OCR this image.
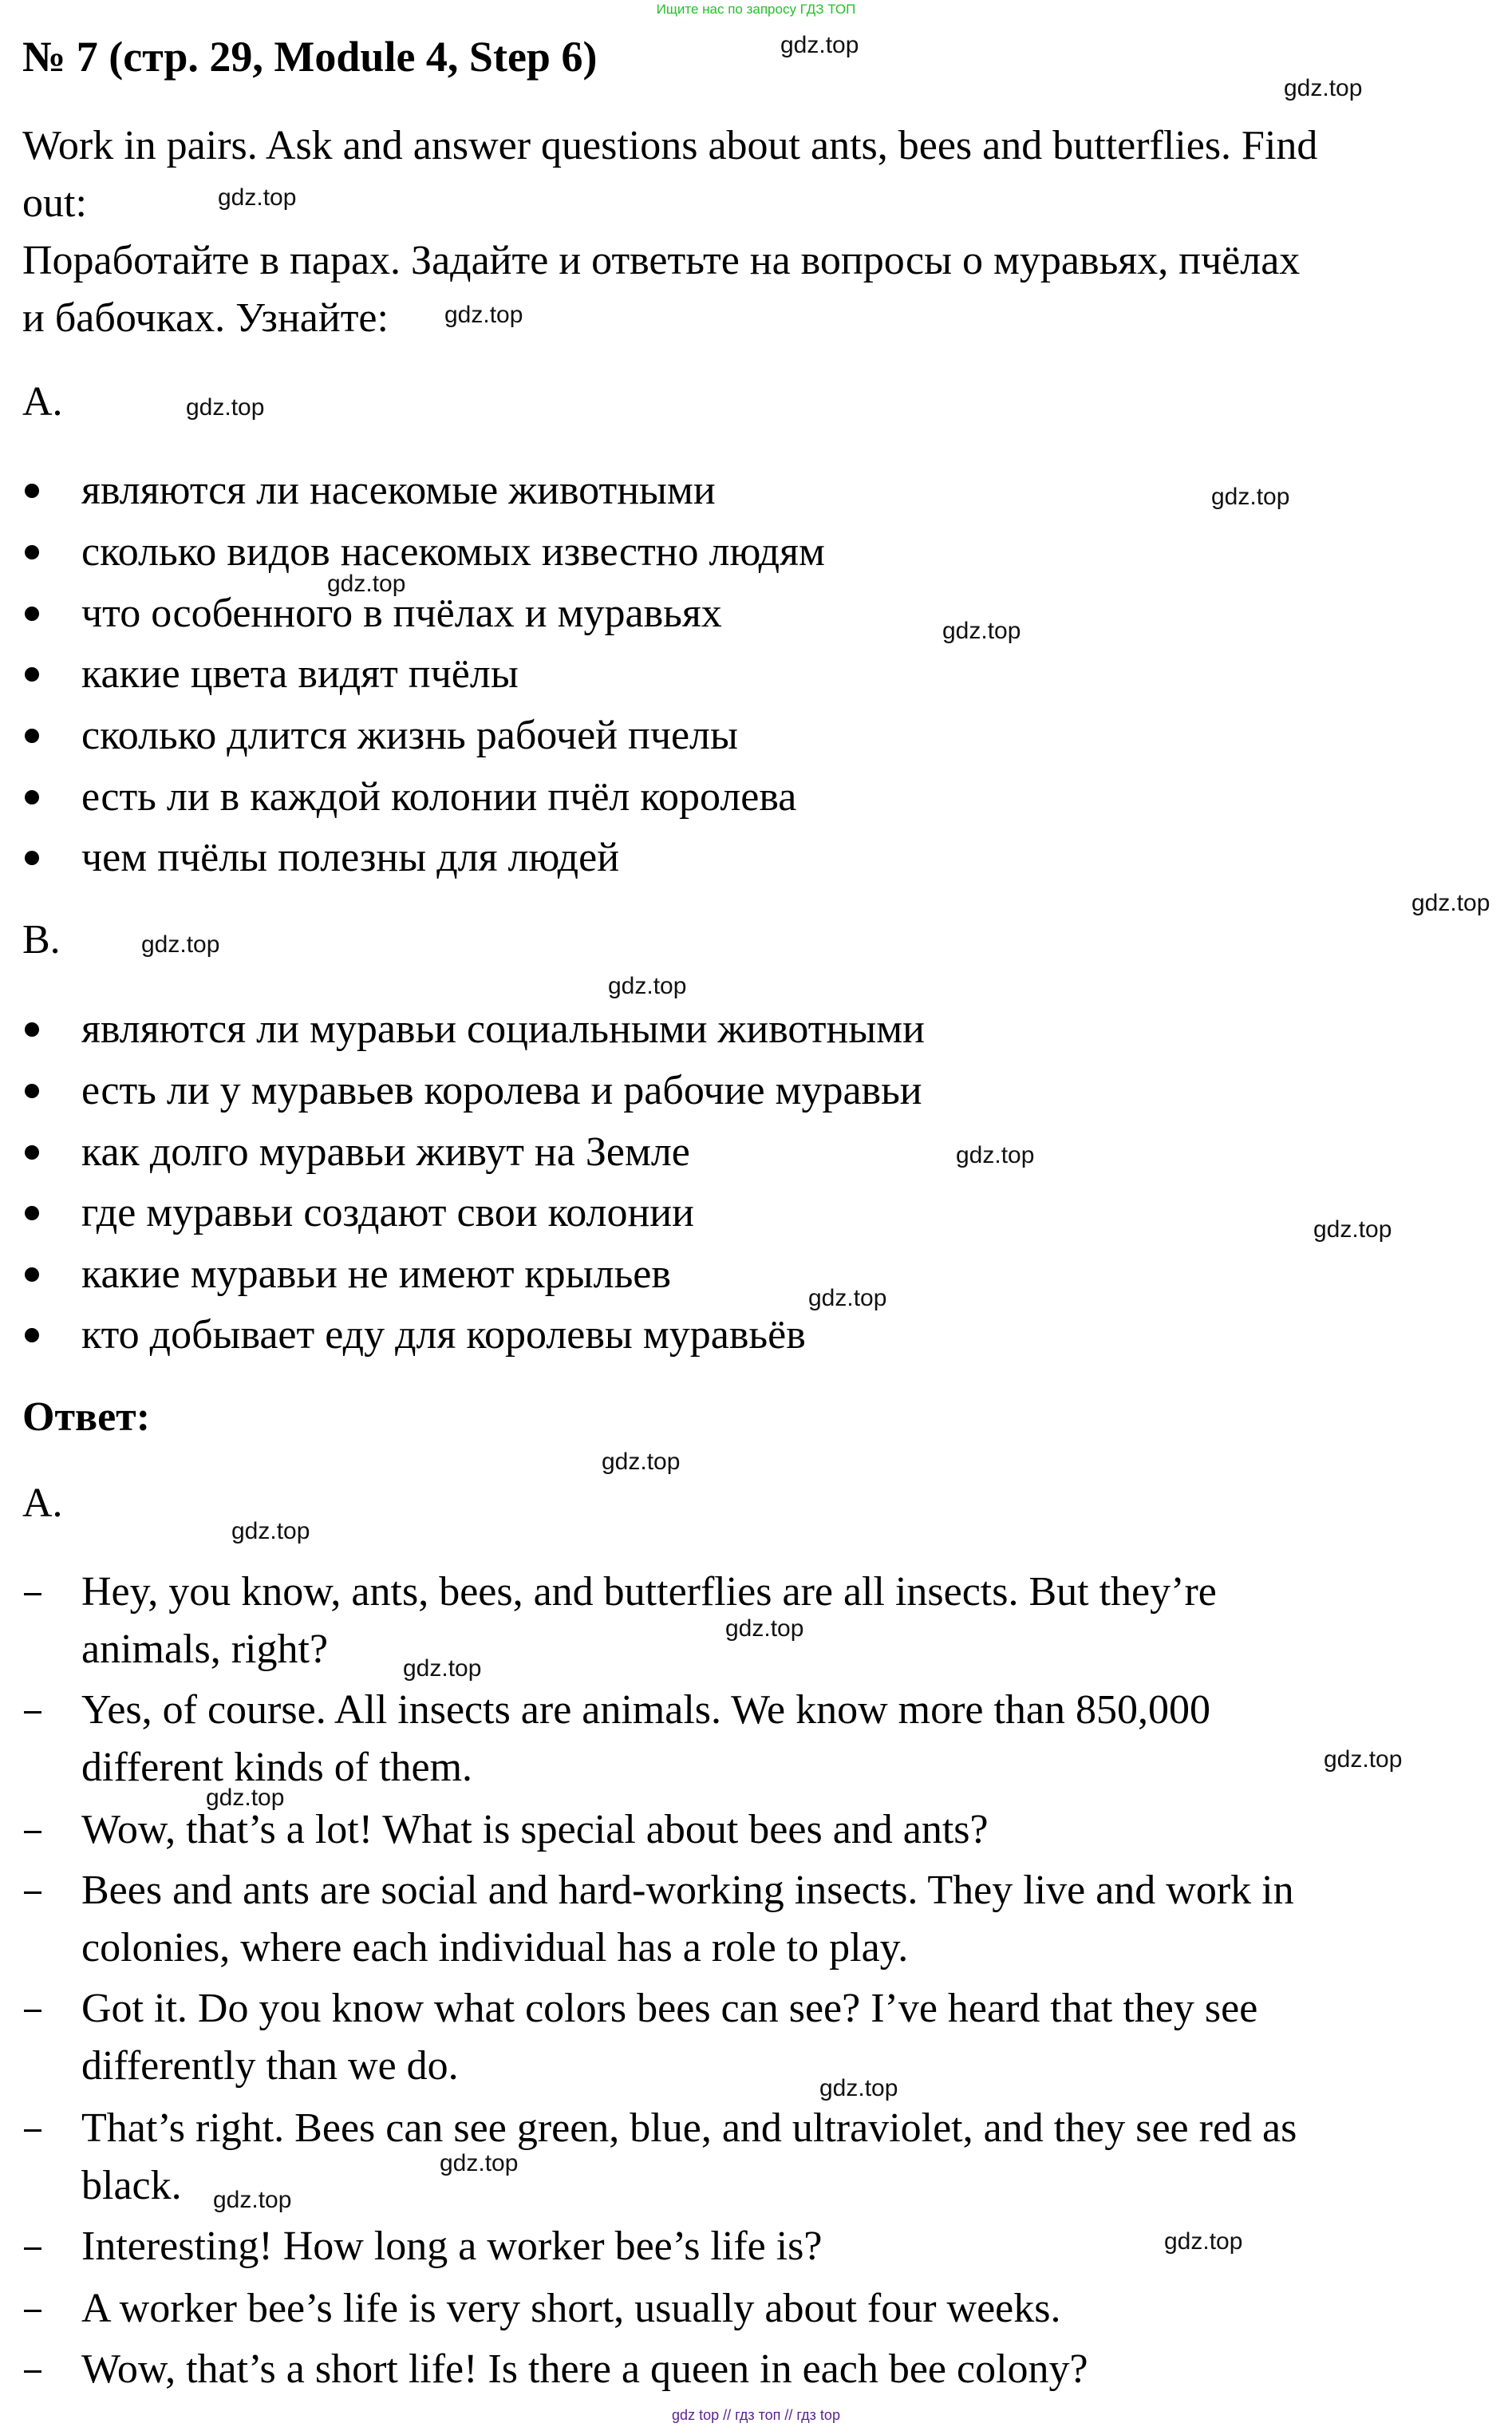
Ищите нас по запросу ГДЗ ТОП
№ 7 (стр. 29, Module 4, Step 6)
Work in pairs. Ask and answer questions about ants, bees and butterflies. Find
out:
Поработайте в парах. Задайте и ответьте на вопросы о муравьях, пчёлах
и бабочках. Узнайте:
A.
являются ли насекомые животными
сколько видов насекомых известно людям
что особенного в пчёлах и муравьях
какие цвета видят пчёлы
сколько длится жизнь рабочей пчелы
есть ли в каждой колонии пчёл королева
чем пчёлы полезны для людей
B.
являются ли муравьи социальными животными
есть ли у муравьев королева и рабочие муравьи
как долго муравьи живут на Земле
где муравьи создают свои колонии
какие муравьи не имеют крыльев
кто добывает еду для королевы муравьёв
Ответ:
A.
Hey, you know, ants, bees, and butterflies are all insects. But they’re
animals, right?
Yes, of course. All insects are animals. We know more than 850,000
different kinds of them.
Wow, that’s a lot! What is special about bees and ants?
Bees and ants are social and hard-working insects. They live and work in
colonies, where each individual has a role to play.
Got it. Do you know what colors bees can see? I’ve heard that they see
differently than we do.
That’s right. Bees can see green, blue, and ultraviolet, and they see red as
black.
Interesting! How long a worker bee’s life is?
A worker bee’s life is very short, usually about four weeks.
Wow, that’s a short life! Is there a queen in each bee colony?
gdz.top
gdz.top
gdz.top
gdz.top
gdz.top
gdz.top
gdz.top
gdz.top
gdz.top
gdz.top
gdz.top
gdz.top
gdz.top
gdz.top
gdz.top
gdz.top
gdz.top
gdz.top
gdz.top
gdz.top
gdz.top
gdz.top
gdz.top
gdz.top
gdz top // гдз топ // гдз top
